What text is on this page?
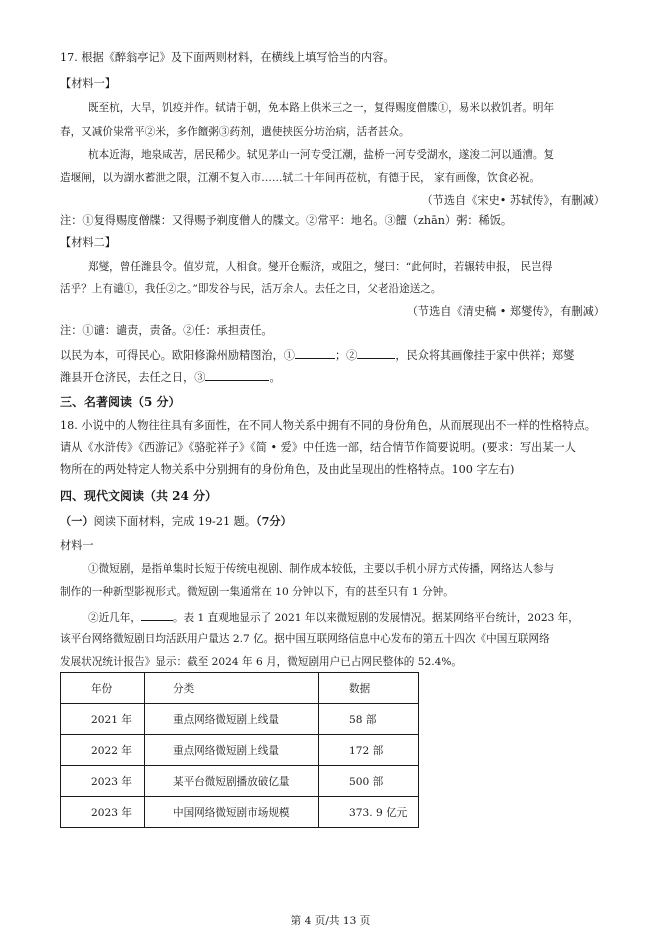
17. 根据《醉翁亭记》及下面两则材料，在横线上填写恰当的内容。
【材料一】
既至杭，大旱，饥疫并作。轼请于朝，免本路上供米三之一，复得赐度僧牒①，易米以救饥者。明年
春，又减价粜常平②米，多作饘粥③药剂，遣使挟医分坊治病，活者甚众。
杭本近海，地泉咸苦，居民稀少。轼见茅山一河专受江潮，盐桥一河专受湖水，遂浚二河以通漕。复
造堰闸，以为湖水蓄泄之限，江潮不复入市……轼二十年间再莅杭，有德于民， 家有画像，饮食必祝。
（节选自《宋史• 苏轼传》，有删减）
注：①复得赐度僧牒：又得赐予剃度僧人的牒文。②常平：地名。③饘（zhān）粥：稀饭。
【材料二】
郑燮，曾任潍县令。值岁荒，人相食。燮开仓赈济，或阻之，燮曰：“此何时，若辗转申报， 民岂得
活乎？上有谴①，我任②之。”即发谷与民，活万余人。去任之日，父老沿途送之。
（节选自《清史稿 • 郑燮传》，有删减）
注：①谴：谴责，责备。②任：承担责任。
以民为本，可得民心。欧阳修滁州励精图治，①	；②	，民众将其画像挂于家中供祥；郑燮
潍县开仓济民，去任之日，③	。
三、名著阅读（5 分）
18. 小说中的人物往往具有多面性，在不同人物关系中拥有不同的身份角色，从而展现出不一样的性格特点。
请从《水浒传》《西游记》《骆驼祥子》《简 • 爱》中任选一部，结合情节作简要说明。(要求：写出某一人
物所在的两处特定人物关系中分别拥有的身份角色，及由此呈现出的性格特点。100 字左右)
四、现代文阅读（共 24 分）
（一）阅读下面材料，完成 19-21 题。（7分）
材料一
①微短剧，是指单集时长短于传统电视剧、制作成本较低，主要以手机小屏方式传播，网络达人参与
制作的一种新型影视形式。微短剧一集通常在 10 分钟以下，有的甚至只有 1 分钟。
②近几年，	。表 1 直观地显示了 2021 年以来微短剧的发展情况。据某网络平台统计，2023 年，
该平台网络微短剧日均活跃用户量达 2.7 亿。据中国互联网络信息中心发布的第五十四次《中国互联网络
发展状况统计报告》显示：截至 2024 年 6 月，微短剧用户已占网民整体的 52.4%。
年份	分类	数据
2021 年	重点网络微短剧上线量	58 部
2022 年	重点网络微短剧上线量	172 部
2023 年	某平台微短剧播放破亿量	500 部
2023 年	中国网络微短剧市场规模	373. 9 亿元
第 4 页/共 13 页
